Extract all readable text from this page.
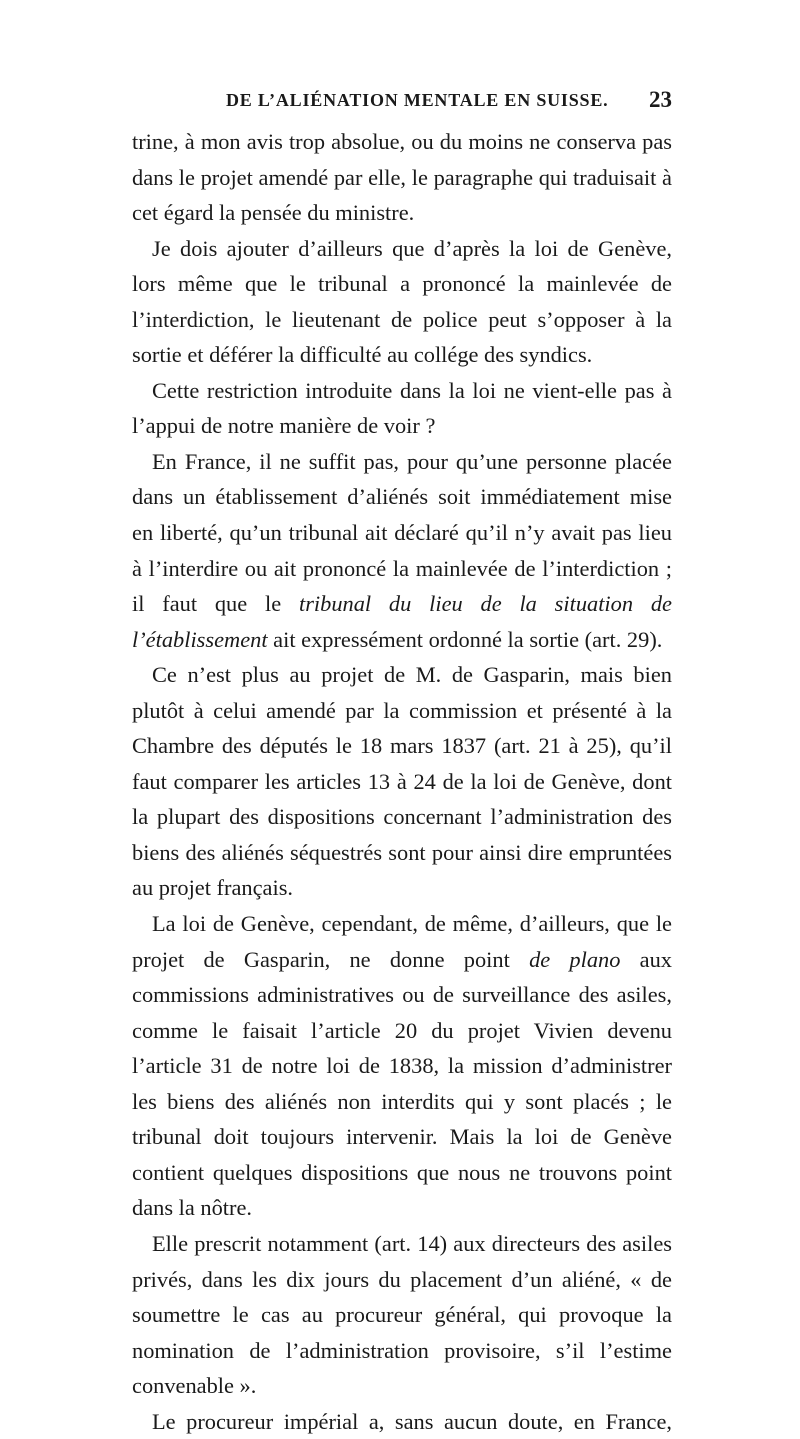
DE L’ALIÉNATION MENTALE EN SUISSE. 23

trine, à mon avis trop absolue, ou du moins ne conserva pas dans le projet amendé par elle, le paragraphe qui traduisait à cet égard la pensée du ministre.

Je dois ajouter d’ailleurs que d’après la loi de Genève, lors même que le tribunal a prononcé la mainlevée de l’interdiction, le lieutenant de police peut s’opposer à la sortie et déférer la difficulté au collége des syndics.

Cette restriction introduite dans la loi ne vient-elle pas à l’appui de notre manière de voir ?

En France, il ne suffit pas, pour qu’une personne placée dans un établissement d’aliénés soit immédiatement mise en liberté, qu’un tribunal ait déclaré qu’il n’y avait pas lieu à l’interdire ou ait prononcé la mainlevée de l’interdiction ; il faut que le tribunal du lieu de la situation de l’établissement ait expressément ordonné la sortie (art. 29).

Ce n’est plus au projet de M. de Gasparin, mais bien plutôt à celui amendé par la commission et présenté à la Chambre des députés le 18 mars 1837 (art. 21 à 25), qu’il faut comparer les articles 13 à 24 de la loi de Genève, dont la plupart des dispositions concernant l’administration des biens des aliénés séquestrés sont pour ainsi dire empruntées au projet français.

La loi de Genève, cependant, de même, d’ailleurs, que le projet de Gasparin, ne donne point de plano aux commissions administratives ou de surveillance des asiles, comme le faisait l’article 20 du projet Vivien devenu l’article 31 de notre loi de 1838, la mission d’administrer les biens des aliénés non interdits qui y sont placés ; le tribunal doit toujours intervenir. Mais la loi de Genève contient quelques dispositions que nous ne trouvons point dans la nôtre.

Elle prescrit notamment (art. 14) aux directeurs des asiles privés, dans les dix jours du placement d’un aliéné, « de soumettre le cas au procureur général, qui provoque la nomination de l’administration provisoire, s’il l’estime convenable ».

Le procureur impérial a, sans aucun doute, en France,
